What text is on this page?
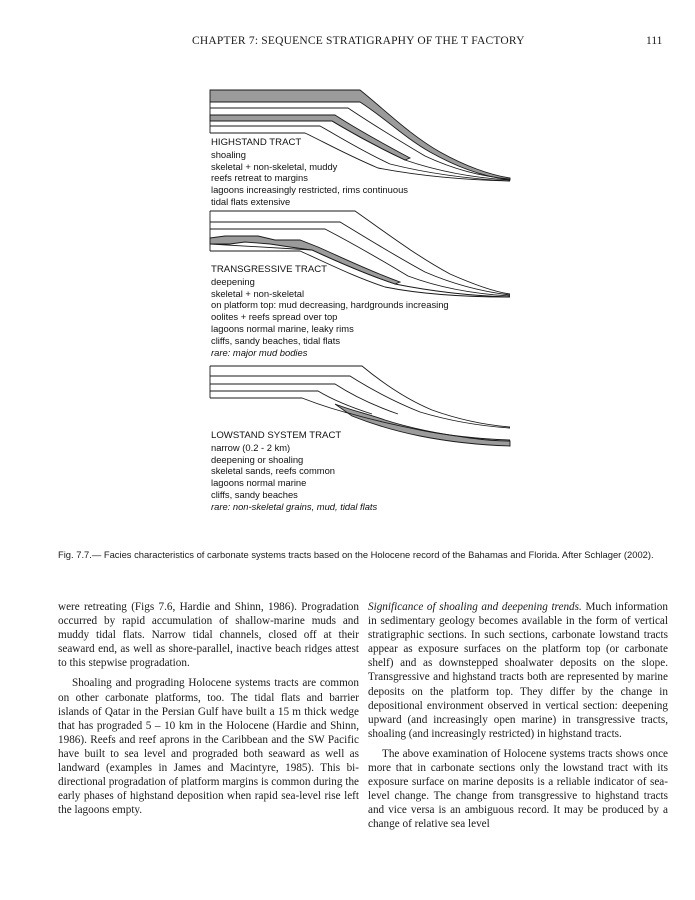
CHAPTER 7: SEQUENCE STRATIGRAPHY OF THE T FACTORY	111
HIGHSTAND TRACT
shoaling
skeletal + non-skeletal, muddy
reefs retreat to margins
lagoons increasingly restricted, rims continuous
tidal flats extensive
TRANSGRESSIVE TRACT
deepening
skeletal + non-skeletal
on platform top: mud decreasing, hardgrounds increasing
oolites + reefs spread over top
lagoons normal marine, leaky rims
cliffs, sandy beaches, tidal flats
rare: major mud bodies
LOWSTAND SYSTEM TRACT
narrow (0.2 - 2 km)
deepening or shoaling
skeletal sands, reefs common
lagoons normal marine
cliffs, sandy beaches
rare: non-skeletal grains, mud, tidal flats
Fig. 7.7.— Facies characteristics of carbonate systems tracts based on the Holocene record of the Bahamas and Florida. After Schlager (2002).

were retreating (Figs 7.6, Hardie and Shinn, 1986). Progradation occurred by rapid accumulation of shallow-marine muds and muddy tidal flats. Narrow tidal channels, closed off at their seaward end, as well as shore-parallel, inactive beach ridges attest to this stepwise progradation.

Shoaling and prograding Holocene systems tracts are common on other carbonate platforms, too. The tidal flats and barrier islands of Qatar in the Persian Gulf have built a 15 m thick wedge that has prograded 5 – 10 km in the Holocene (Hardie and Shinn, 1986). Reefs and reef aprons in the Caribbean and the SW Pacific have built to sea level and prograded both seaward as well as landward (examples in James and Macintyre, 1985). This bi-directional progradation of platform margins is common during the early phases of highstand deposition when rapid sea-level rise left the lagoons empty.

Significance of shoaling and deepening trends. Much information in sedimentary geology becomes available in the form of vertical stratigraphic sections. In such sections, carbonate lowstand tracts appear as exposure surfaces on the platform top (or carbonate shelf) and as downstepped shoalwater deposits on the slope. Transgressive and highstand tracts both are represented by marine deposits on the platform top. They differ by the change in depositional environment observed in vertical section: deepening upward (and increasingly open marine) in transgressive tracts, shoaling (and increasingly restricted) in highstand tracts.

The above examination of Holocene systems tracts shows once more that in carbonate sections only the lowstand tract with its exposure surface on marine deposits is a reliable indicator of sea-level change. The change from transgressive to highstand tracts and vice versa is an ambiguous record. It may be produced by a change of relative sea level
